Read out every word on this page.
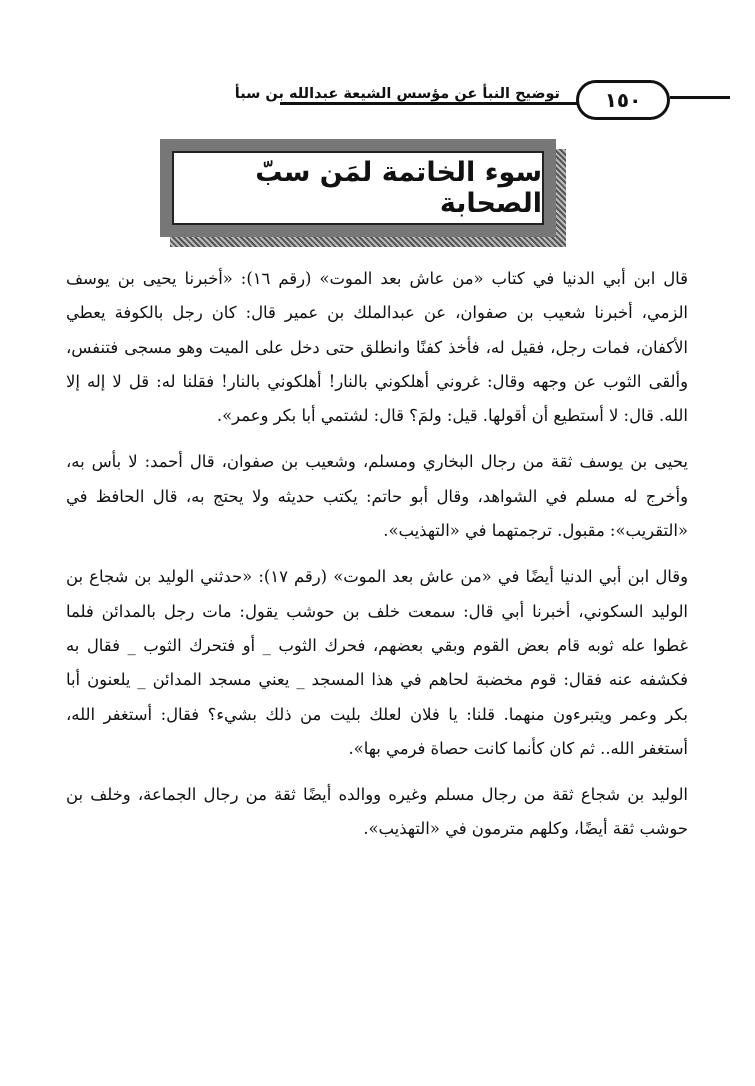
توضيح النبأ عن مؤسس الشيعة عبدالله بن سبأ	١٥٠
سوء الخاتمة لمَن سبّ الصحابة

قال ابن أبي الدنيا في كتاب «من عاش بعد الموت» (رقم ١٦): «أخبرنا يحيى بن يوسف الزمي، أخبرنا شعيب بن صفوان، عن عبدالملك بن عمير قال: كان رجل بالكوفة يعطي الأكفان، فمات رجل، فقيل له، فأخذ كفنًا وانطلق حتى دخل على الميت وهو مسجى فتنفس، وألقى الثوب عن وجهه وقال: غروني أهلكوني بالنار! أهلكوني بالنار! فقلنا له: قل لا إله إلا الله. قال: لا أستطيع أن أقولها. قيل: ولمَ؟ قال: لشتمي أبا بكر وعمر».

يحيى بن يوسف ثقة من رجال البخاري ومسلم، وشعيب بن صفوان، قال أحمد: لا بأس به، وأخرج له مسلم في الشواهد، وقال أبو حاتم: يكتب حديثه ولا يحتج به، قال الحافظ في «التقريب»: مقبول. ترجمتهما في «التهذيب».

وقال ابن أبي الدنيا أيضًا في «من عاش بعد الموت» (رقم ١٧): «حدثني الوليد بن شجاع بن الوليد السكوني، أخبرنا أبي قال: سمعت خلف بن حوشب يقول: مات رجل بالمدائن فلما غطوا عله ثوبه قام بعض القوم وبقي بعضهم، فحرك الثوب _ أو فتحرك الثوب _ فقال به فكشفه عنه فقال: قوم مخضبة لحاهم في هذا المسجد _ يعني مسجد المدائن _ يلعنون أبا بكر وعمر ويتبرءون منهما. قلنا: يا فلان لعلك بليت من ذلك بشيء؟ فقال: أستغفر الله، أستغفر الله.. ثم كان كأنما كانت حصاة فرمي بها».

الوليد بن شجاع ثقة من رجال مسلم وغيره ووالده أيضًا ثقة من رجال الجماعة، وخلف بن حوشب ثقة أيضًا، وكلهم مترمون في «التهذيب».
